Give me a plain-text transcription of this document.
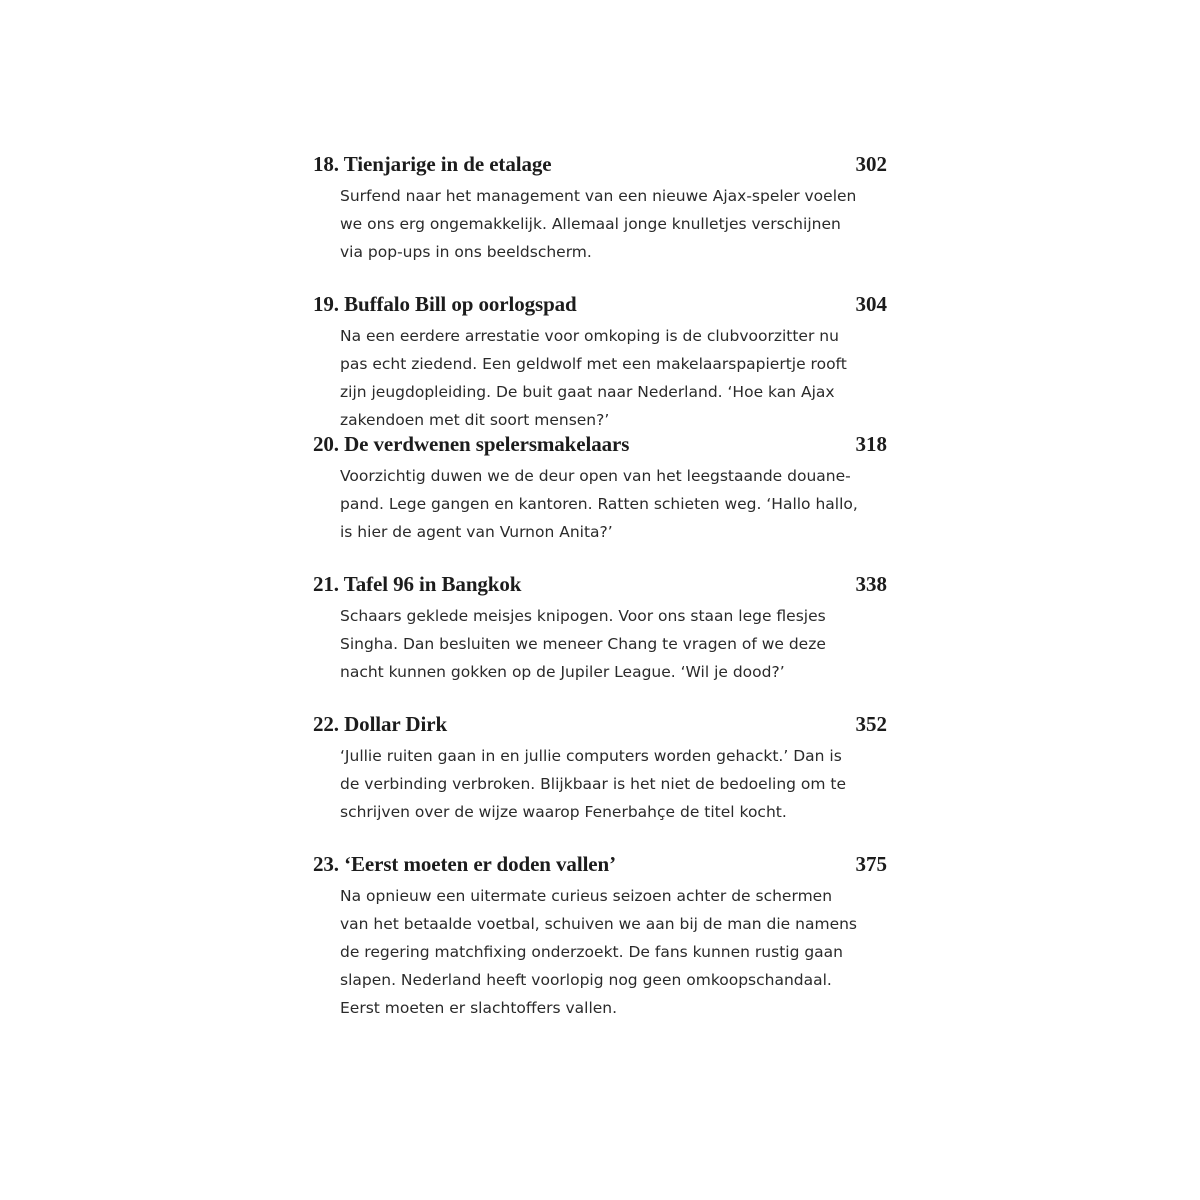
18. Tienjarige in de etalage	302

Surfend naar het management van een nieuwe Ajax-speler voelen
we ons erg ongemakkelijk. Allemaal jonge knulletjes verschijnen
via pop-ups in ons beeldscherm.

19. Buffalo Bill op oorlogspad	304

Na een eerdere arrestatie voor omkoping is de clubvoorzitter nu
pas echt ziedend. Een geldwolf met een makelaarspapiertje rooft
zijn jeugdopleiding. De buit gaat naar Nederland. ‘Hoe kan Ajax
zakendoen met dit soort mensen?’

20. De verdwenen spelersmakelaars	318

Voorzichtig duwen we de deur open van het leegstaande douane-
pand. Lege gangen en kantoren. Ratten schieten weg. ‘Hallo hallo,
is hier de agent van Vurnon Anita?’

21. Tafel 96 in Bangkok	338

Schaars geklede meisjes knipogen. Voor ons staan lege flesjes
Singha. Dan besluiten we meneer Chang te vragen of we deze
nacht kunnen gokken op de Jupiler League. ‘Wil je dood?’

22. Dollar Dirk	352

‘Jullie ruiten gaan in en jullie computers worden gehackt.’ Dan is
de verbinding verbroken. Blijkbaar is het niet de bedoeling om te
schrijven over de wijze waarop Fenerbahçe de titel kocht.

23. ‘Eerst moeten er doden vallen’	375

Na opnieuw een uitermate curieus seizoen achter de schermen
van het betaalde voetbal, schuiven we aan bij de man die namens
de regering matchfixing onderzoekt. De fans kunnen rustig gaan
slapen. Nederland heeft voorlopig nog geen omkoopschandaal.
Eerst moeten er slachtoffers vallen.
